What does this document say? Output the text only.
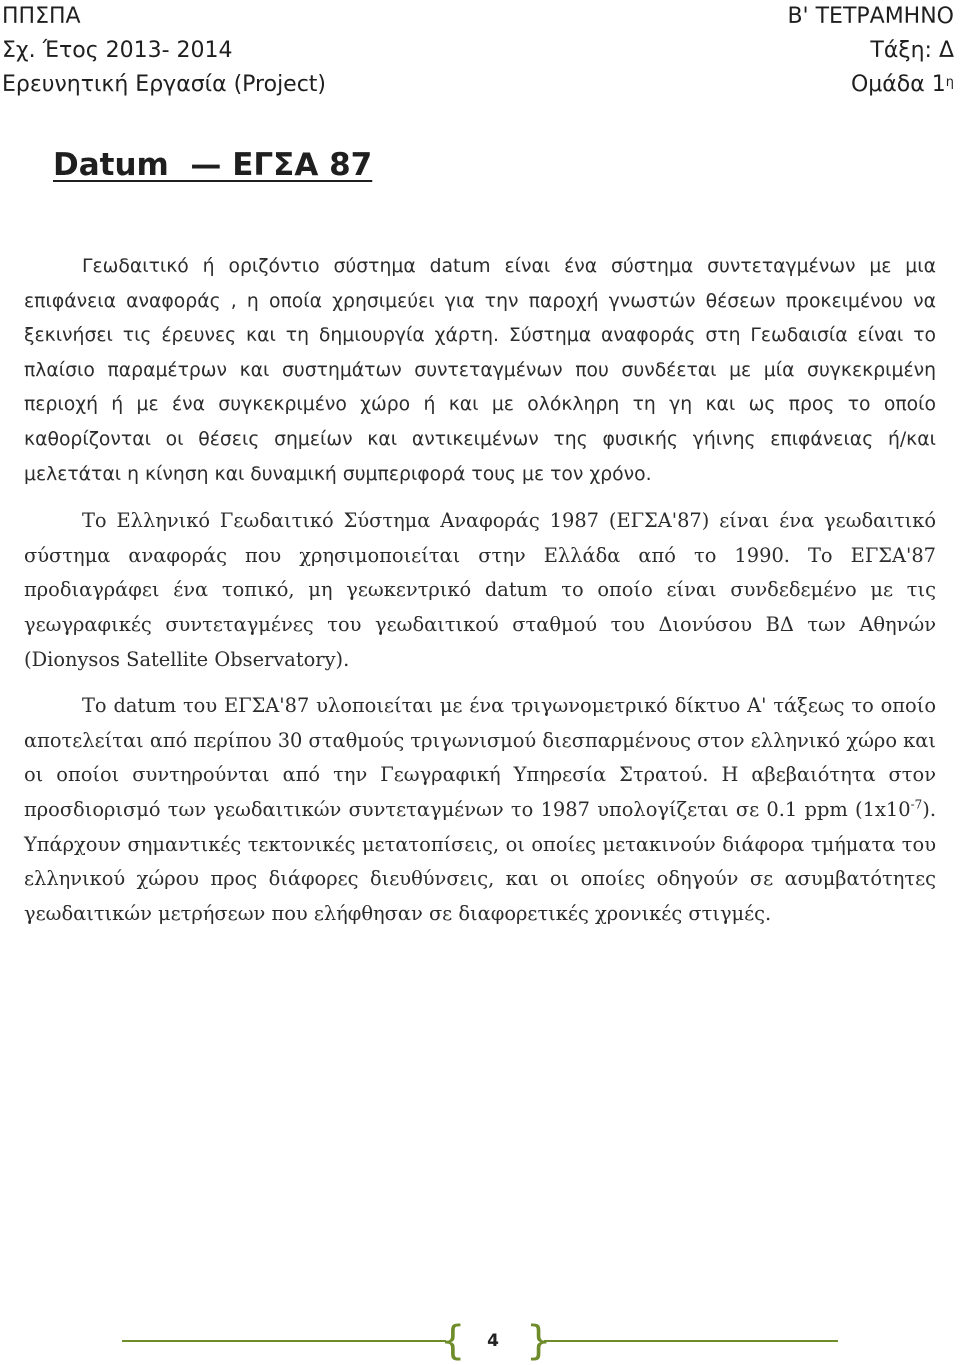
ΠΠΣΠΑ	Β' ΤΕΤΡΑΜΗΝΟ
Σχ. Έτος 2013- 2014	Τάξη: Δ
Ερευνητική Εργασία (Project)	Ομάδα $1^\eta$
Datum  — ΕΓΣΑ 87

Γεωδαιτικό ή οριζόντιο σύστημα datum είναι ένα σύστημα συντεταγμένων με μια επιφάνεια αναφοράς , η οποία χρησιμεύει για την παροχή γνωστών θέσεων προκειμένου να ξεκινήσει τις έρευνες και τη δημιουργία χάρτη. Σύστημα αναφοράς στη Γεωδαισία είναι το πλαίσιο παραμέτρων και συστημάτων συντεταγμένων που συνδέεται με μία συγκεκριμένη περιοχή ή με ένα συγκεκριμένο χώρο ή και με ολόκληρη τη γη και ως προς το οποίο καθορίζονται οι θέσεις σημείων και αντικειμένων της φυσικής γήινης επιφάνειας ή/και μελετάται η κίνηση και δυναμική συμπεριφορά τους με τον χρόνο.

Το Ελληνικό Γεωδαιτικό Σύστημα Αναφοράς 1987 (ΕΓΣΑ'87) είναι ένα γεωδαιτικό σύστημα αναφοράς που χρησιμοποιείται στην Ελλάδα από το 1990. Το ΕΓΣΑ'87 προδιαγράφει ένα τοπικό, μη γεωκεντρικό datum το οποίο είναι συνδεδεμένο με τις γεωγραφικές συντεταγμένες του γεωδαιτικού σταθμού του Διονύσου ΒΔ των Αθηνών (Dionysos Satellite Observatory).

Το datum του ΕΓΣΑ'87 υλοποιείται με ένα τριγωνομετρικό δίκτυο Α' τάξεως το οποίο αποτελείται από περίπου 30 σταθμούς τριγωνισμού διεσπαρμένους στον ελληνικό χώρο και οι οποίοι συντηρούνται από την Γεωγραφική Υπηρεσία Στρατού. Η αβεβαιότητα στον προσδιορισμό των γεωδαιτικών συντεταγμένων το 1987 υπολογίζεται σε 0.1 ppm $(1x10^{-7})$. Υπάρχουν σημαντικές τεκτονικές μετατοπίσεις, οι οποίες μετακινούν διάφορα τμήματα του ελληνικού χώρου προς διάφορες διευθύνσεις, και οι οποίες οδηγούν σε ασυμβατότητες γεωδαιτικών μετρήσεων που ελήφθησαν σε διαφορετικές χρονικές στιγμές.

{	4 }
